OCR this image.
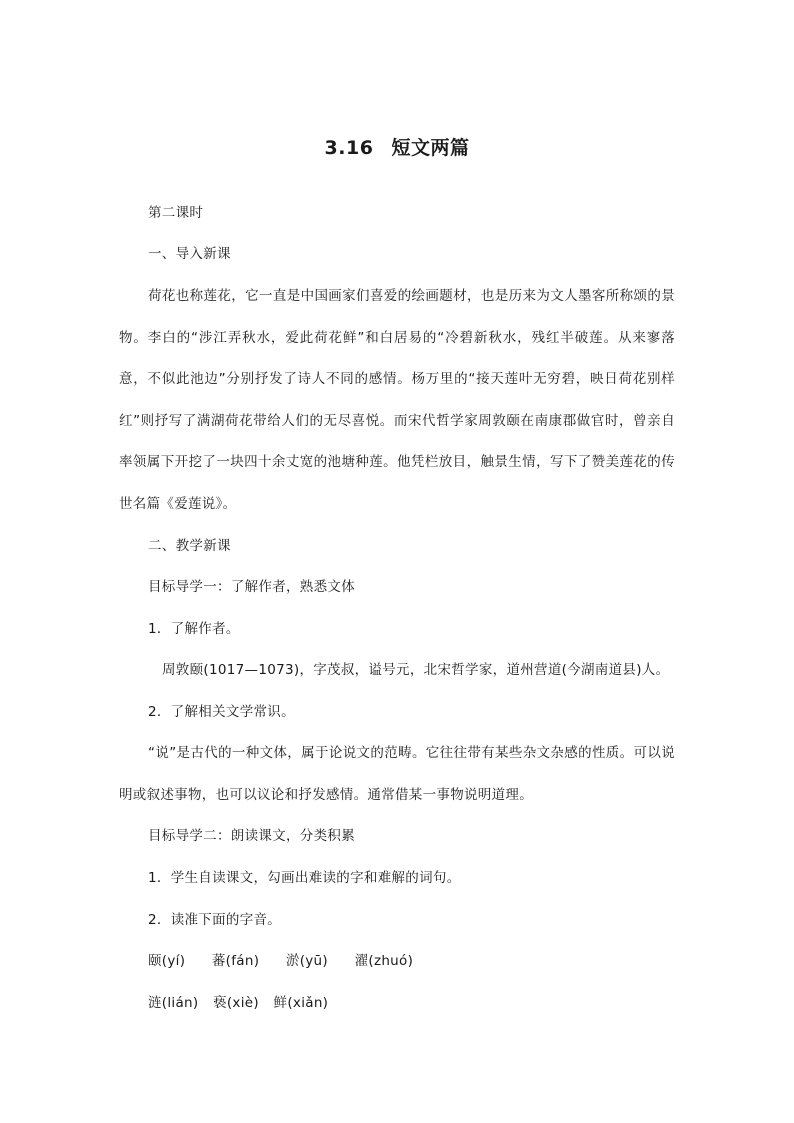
3.16 短文两篇
第二课时
一、导入新课
荷花也称莲花，它一直是中国画家们喜爱的绘画题材，也是历来为文人墨客所称颂的景物。李白的“涉江弄秋水，爱此荷花鲜”和白居易的“冷碧新秋水，残红半破莲。从来寥落意，不似此池边”分别抒发了诗人不同的感情。杨万里的“接天莲叶无穷碧，映日荷花别样红”则抒写了满湖荷花带给人们的无尽喜悦。而宋代哲学家周敦颐在南康郡做官时，曾亲自率领属下开挖了一块四十余丈宽的池塘种莲。他凭栏放目，触景生情，写下了赞美莲花的传世名篇《爱莲说》。
二、教学新课
目标导学一：了解作者，熟悉文体
1．了解作者。
周敦颐(1017—1073)，字茂叔，谥号元，北宋哲学家，道州营道(今湖南道县)人。
2．了解相关文学常识。
“说”是古代的一种文体，属于论说文的范畴。它往往带有某些杂文杂感的性质。可以说明或叙述事物，也可以议论和抒发感情。通常借某一事物说明道理。
目标导学二：朗读课文，分类积累
1．学生自读课文，勾画出难读的字和难解的词句。
2．读准下面的字音。
颐(yí) 蕃(fán) 淤(yū) 濯(zhuó)
涟(lián) 亵(xiè) 鲜(xiǎn)
